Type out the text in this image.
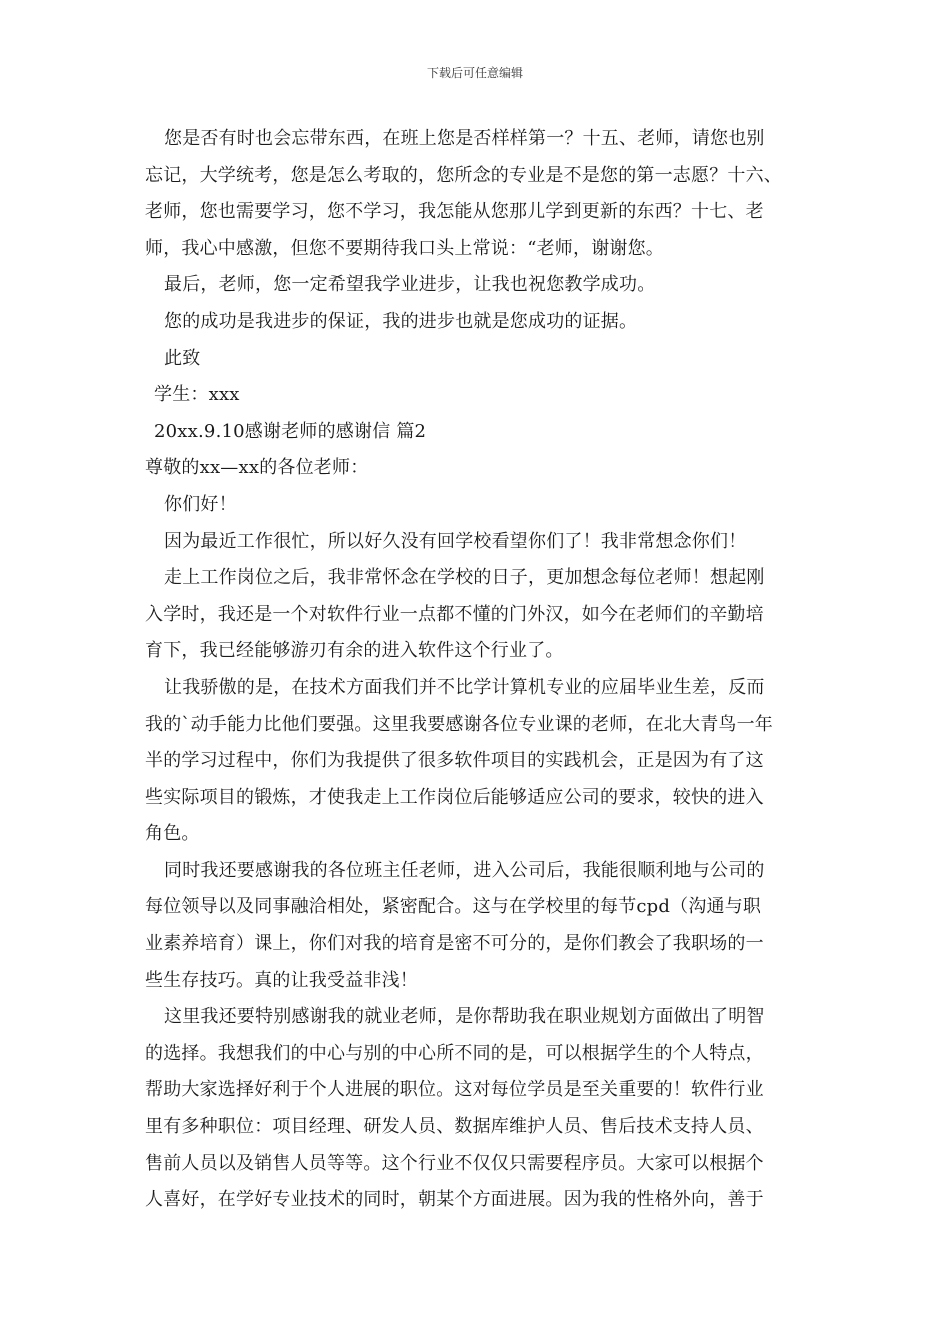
下载后可任意编辑

您是否有时也会忘带东西，在班上您是否样样第一？十五、老师，请您也别
忘记，大学统考，您是怎么考取的，您所念的专业是不是您的第一志愿？十六、
老师，您也需要学习，您不学习，我怎能从您那儿学到更新的东西？十七、老
师，我心中感激，但您不要期待我口头上常说：“老师，谢谢您。

最后，老师，您一定希望我学业进步，让我也祝您教学成功。

您的成功是我进步的保证，我的进步也就是您成功的证据。

此致

学生：xxx

20xx.9.10感谢老师的感谢信 篇2

尊敬的xx—xx的各位老师：

你们好！

因为最近工作很忙，所以好久没有回学校看望你们了！我非常想念你们！

走上工作岗位之后，我非常怀念在学校的日子，更加想念每位老师！想起刚
入学时，我还是一个对软件行业一点都不懂的门外汉，如今在老师们的辛勤培
育下，我已经能够游刃有余的进入软件这个行业了。

让我骄傲的是，在技术方面我们并不比学计算机专业的应届毕业生差，反而
我的`动手能力比他们要强。这里我要感谢各位专业课的老师，在北大青鸟一年
半的学习过程中，你们为我提供了很多软件项目的实践机会，正是因为有了这
些实际项目的锻炼，才使我走上工作岗位后能够适应公司的要求，较快的进入
角色。

同时我还要感谢我的各位班主任老师，进入公司后，我能很顺利地与公司的
每位领导以及同事融洽相处，紧密配合。这与在学校里的每节cpd（沟通与职
业素养培育）课上，你们对我的培育是密不可分的，是你们教会了我职场的一
些生存技巧。真的让我受益非浅！

这里我还要特别感谢我的就业老师，是你帮助我在职业规划方面做出了明智
的选择。我想我们的中心与别的中心所不同的是，可以根据学生的个人特点，
帮助大家选择好利于个人进展的职位。这对每位学员是至关重要的！软件行业
里有多种职位：项目经理、研发人员、数据库维护人员、售后技术支持人员、
售前人员以及销售人员等等。这个行业不仅仅只需要程序员。大家可以根据个
人喜好，在学好专业技术的同时，朝某个方面进展。因为我的性格外向，善于
